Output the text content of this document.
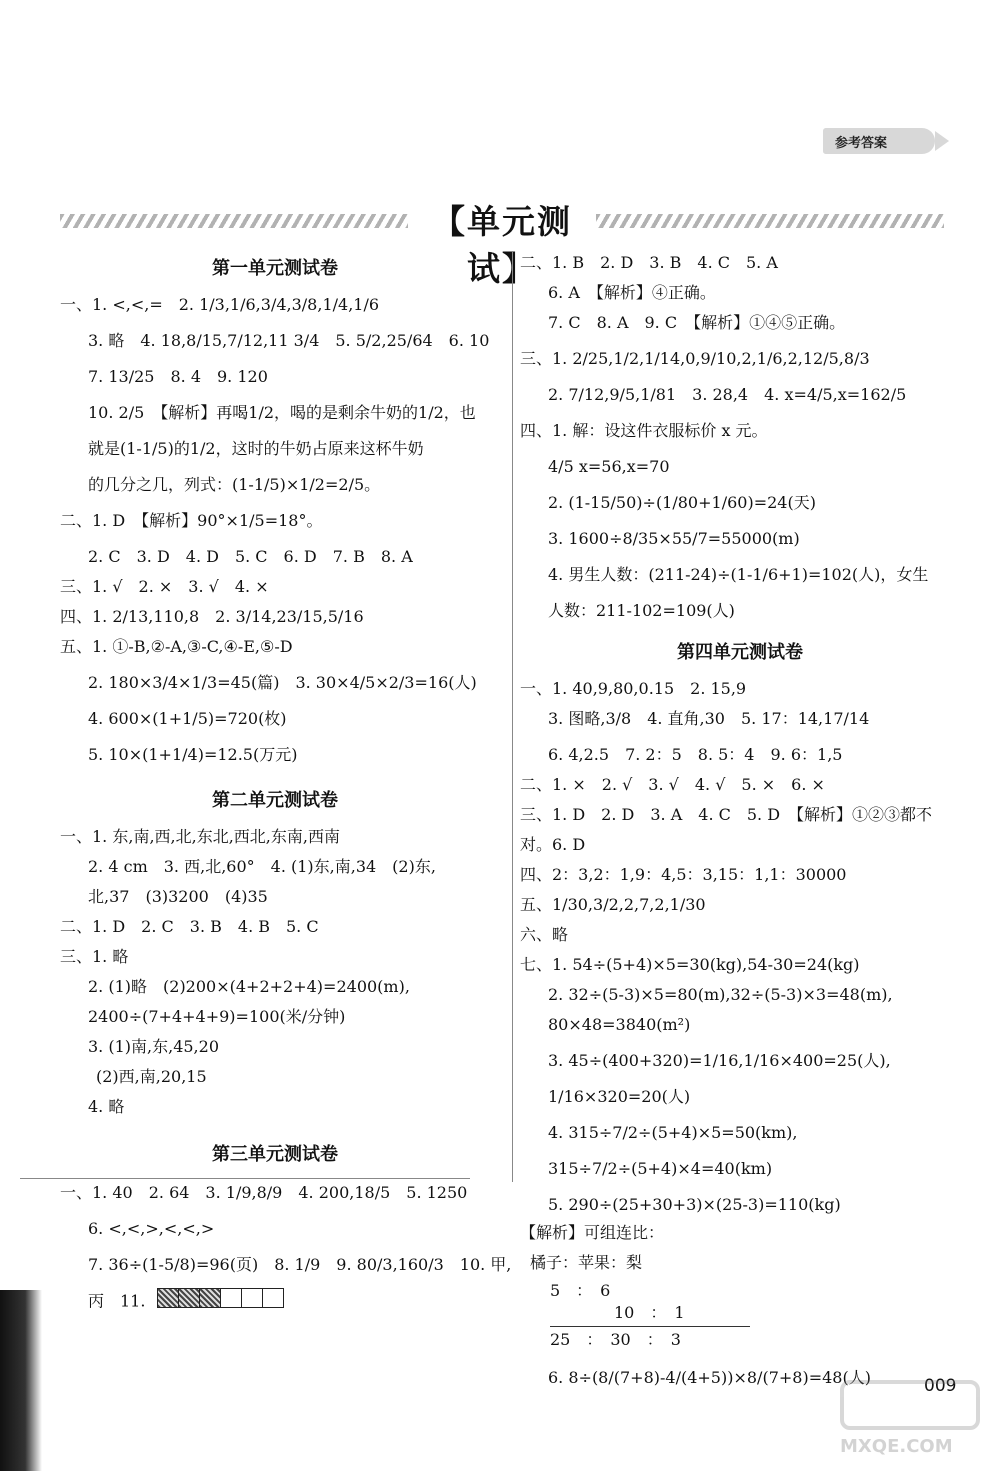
参考答案
【单元测试】
第一单元测试卷
一、1. <,<,=　2. 1/3,1/6,3/4,3/8,1/4,1/6
3. 略　4. 18,8/15,7/12,11 3/4　5. 5/2,25/64　6. 10
7. 13/25　8. 4　9. 120
10. 2/5　【解析】再喝1/2，喝的是剩余牛奶的1/2，也
就是(1-1/5)的1/2，这时的牛奶占原来这杯牛奶
的几分之几，列式：(1-1/5)×1/2=2/5。
二、1. D　【解析】90°×1/5=18°。
2. C　3. D　4. D　5. C　6. D　7. B　8. A
三、1. √　2. ×　3. √　4. ×
四、1. 2/13,110,8　2. 3/14,23/15,5/16
五、1. ①-B,②-A,③-C,④-E,⑤-D
2. 180×3/4×1/3=45(篇)　3. 30×4/5×2/3=16(人)
4. 600×(1+1/5)=720(枚)
5. 10×(1+1/4)=12.5(万元)
第二单元测试卷
一、1. 东,南,西,北,东北,西北,东南,西南
2. 4 cm　3. 西,北,60°　4. (1)东,南,34　(2)东,
北,37　(3)3200　(4)35
二、1. D　2. C　3. B　4. B　5. C
三、1. 略
2. (1)略　(2)200×(4+2+2+4)=2400(m),
2400÷(7+4+4+9)=100(米/分钟)
3. (1)南,东,45,20
(2)西,南,20,15
4. 略
第三单元测试卷
一、1. 40　2. 64　3. 1/9,8/9　4. 200,18/5　5. 1250
6. <,<,>,<,<,>
7. 36÷(1-5/8)=96(页)　8. 1/9　9. 80/3,160/3　10. 甲,
丙　11.
二、1. B　2. D　3. B　4. C　5. A
6. A　【解析】④正确。
7. C　8. A　9. C　【解析】①④⑤正确。
三、1. 2/25,1/2,1/14,0,9/10,2,1/6,2,12/5,8/3
2. 7/12,9/5,1/81　3. 28,4　4. x=4/5,x=162/5
四、1. 解：设这件衣服标价 x 元。
4/5 x=56,x=70
2. (1-15/50)÷(1/80+1/60)=24(天)
3. 1600÷8/35×55/7=55000(m)
4. 男生人数：(211-24)÷(1-1/6+1)=102(人)，女生
人数：211-102=109(人)
第四单元测试卷
一、1. 40,9,80,0.15　2. 15,9
3. 图略,3/8　4. 直角,30　5. 17：14,17/14
6. 4,2.5　7. 2：5　8. 5：4　9. 6：1,5
二、1. ×　2. √　3. √　4. √　5. ×　6. ×
三、1. D　2. D　3. A　4. C　5. D　【解析】①②③都不
对。6. D
四、2：3,2：1,9：4,5：3,15：1,1：30000
五、1/30,3/2,2,7,2,1/30
六、略
七、1. 54÷(5+4)×5=30(kg),54-30=24(kg)
2. 32÷(5-3)×5=80(m),32÷(5-3)×3=48(m),
80×48=3840(m²)
3. 45÷(400+320)=1/16,1/16×400=25(人),
1/16×320=20(人)
4. 315÷7/2÷(5+4)×5=50(km),
315÷7/2÷(5+4)×4=40(km)
5. 290÷(25+30+3)×(25-3)=110(kg)
【解析】可组连比：
橘子：苹果：梨
5　：　6
　　　　10　：　1
25　：　30　：　3
6. 8÷(8/(7+8)-4/(4+5))×8/(7+8)=48(人)	009
MXQE.COM
